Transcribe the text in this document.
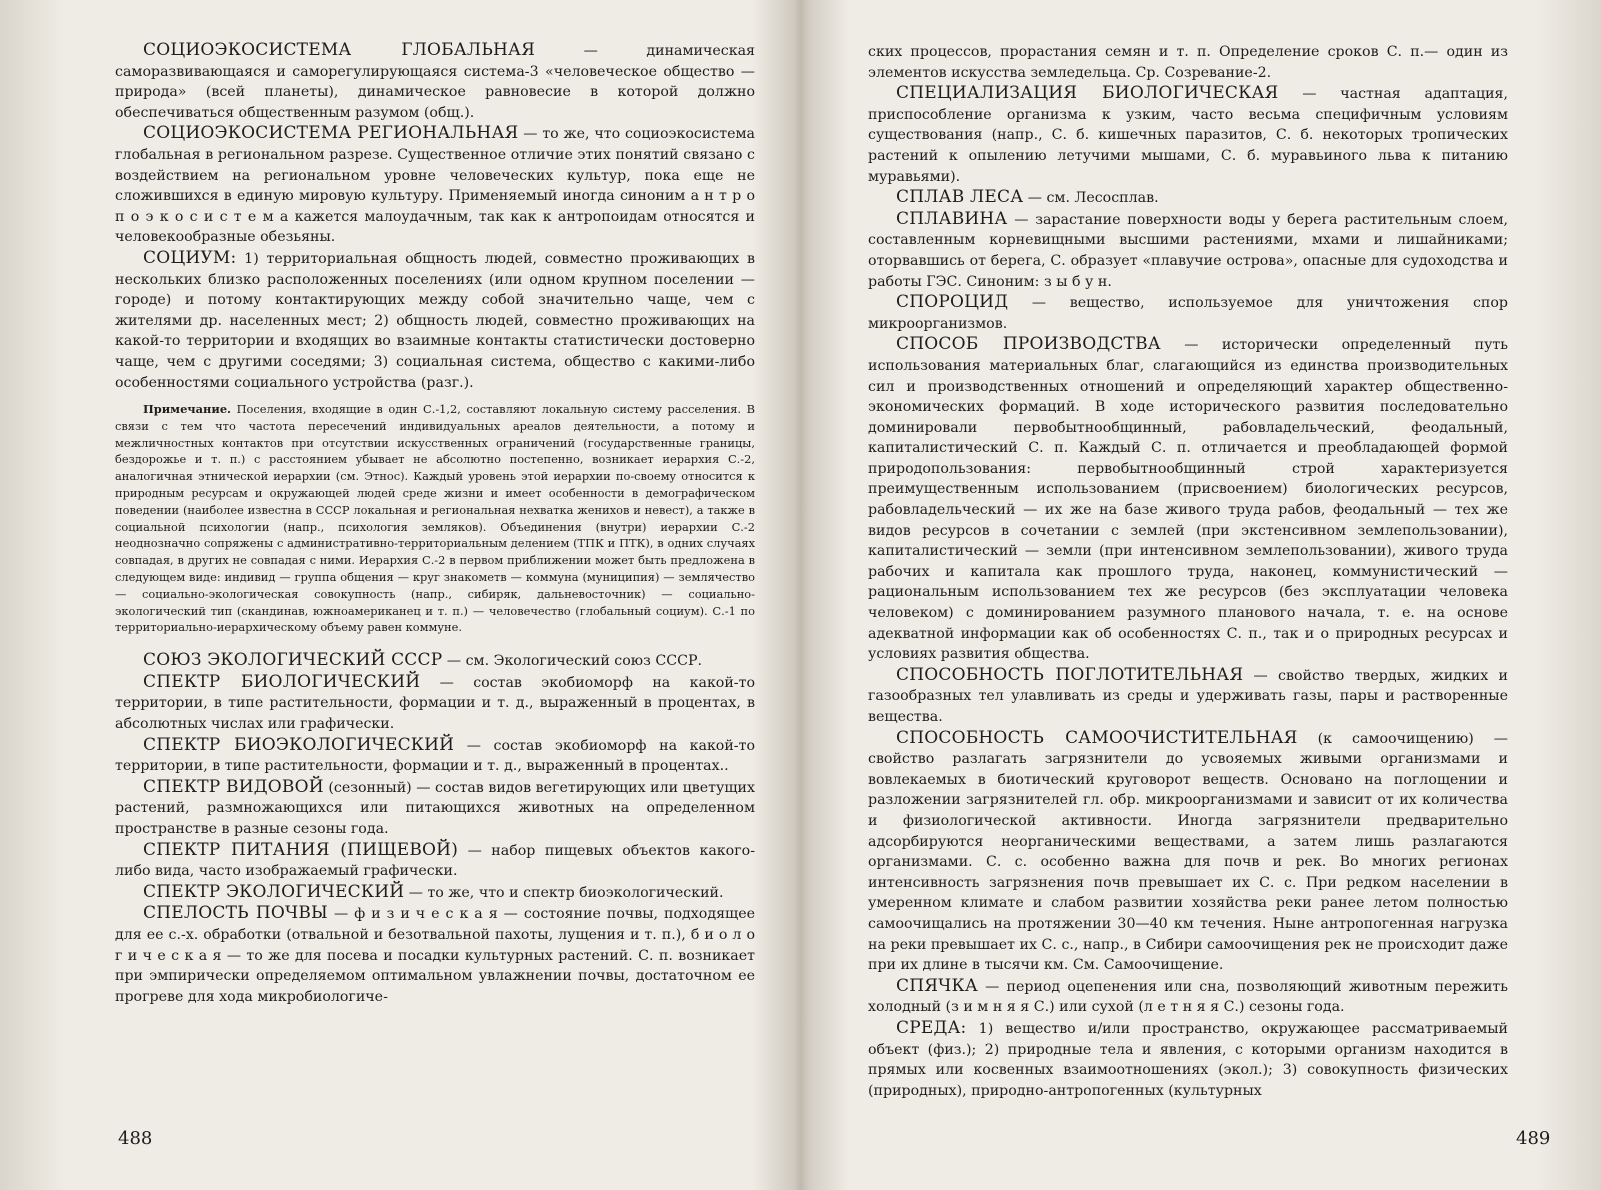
СОЦИОЭКОСИСТЕМА ГЛОБАЛЬНАЯ — динамическая саморазвивающаяся и саморегулирующаяся система-3 «человеческое общество — природа» (всей планеты), динамическое равновесие в которой должно обеспечиваться общественным разумом (общ.).

СОЦИОЭКОСИСТЕМА РЕГИОНАЛЬНАЯ — то же, что социоэкосистема глобальная в региональном разрезе. Существенное отличие этих понятий связано с воздействием на региональном уровне человеческих культур, пока еще не сложившихся в единую мировую культуру. Применяемый иногда синоним а н т р о п о э к о с и с т е м а кажется малоудачным, так как к антропоидам относятся и человекообразные обезьяны.

СОЦИУМ: 1) территориальная общность людей, совместно проживающих в нескольких близко расположенных поселениях (или одном крупном поселении — городе) и потому контактирующих между собой значительно чаще, чем с жителями др. населенных мест; 2) общность людей, совместно проживающих на какой-то территории и входящих во взаимные контакты статистически достоверно чаще, чем с другими соседями; 3) социальная система, общество с какими-либо особенностями социального устройства (разг.).

Примечание. Поселения, входящие в один С.-1,2, составляют локальную систему расселения. В связи с тем что частота пересечений индивидуальных ареалов деятельности, а потому и межличностных контактов при отсутствии искусственных ограничений (государственные границы, бездорожье и т. п.) с расстоянием убывает не абсолютно постепенно, возникает иерархия С.-2, аналогичная этнической иерархии (см. Этнос). Каждый уровень этой иерархии по-своему относится к природным ресурсам и окружающей людей среде жизни и имеет особенности в демографическом поведении (наиболее известна в СССР локальная и региональная нехватка женихов и невест), а также в социальной психологии (напр., психология земляков). Объединения (внутри) иерархии С.-2 неоднозначно сопряжены с административно-территориальным делением (ТПК и ПТК), в одних случаях совпадая, в других не совпадая с ними. Иерархия С.-2 в первом приближении может быть предложена в следующем виде: индивид — группа общения — круг знакометв — коммуна (муниципия) — землячество — социально-экологическая совокупность (напр., сибиряк, дальневосточник) — социально-экологический тип (скандинав, южноамериканец и т. п.) — человечество (глобальный социум). С.-1 по территориально-иерархическому объему равен коммуне.

СОЮЗ ЭКОЛОГИЧЕСКИЙ СССР — см. Экологический союз СССР.

СПЕКТР БИОЛОГИЧЕСКИЙ — состав экобиоморф на какой-то территории, в типе растительности, формации и т. д., выраженный в процентах, в абсолютных числах или графически.

СПЕКТР БИОЭКОЛОГИЧЕСКИЙ — состав экобиоморф на какой-то территории, в типе растительности, формации и т. д., выраженный в процентах..

СПЕКТР ВИДОВОЙ (сезонный) — состав видов вегетирующих или цветущих растений, размножающихся или питающихся животных на определенном пространстве в разные сезоны года.

СПЕКТР ПИТАНИЯ (ПИЩЕВОЙ) — набор пищевых объектов какого-либо вида, часто изображаемый графически.

СПЕКТР ЭКОЛОГИЧЕСКИЙ — то же, что и спектр биоэкологический.

СПЕЛОСТЬ ПОЧВЫ — ф и з и ч е с к а я — состояние почвы, подходящее для ее с.-х. обработки (отвальной и безотвальной пахоты, лущения и т. п.), б и о л о г и ч е с к а я — то же для посева и посадки культурных растений. С. п. возникает при эмпирически определяемом оптимальном увлажнении почвы, достаточном ее прогреве для хода микробиологиче-

488

ских процессов, прорастания семян и т. п. Определение сроков С. п.— один из элементов искусства земледельца. Ср. Созревание-2.

СПЕЦИАЛИЗАЦИЯ БИОЛОГИЧЕСКАЯ — частная адаптация, приспособление организма к узким, часто весьма специфичным условиям существования (напр., С. б. кишечных паразитов, С. б. некоторых тропических растений к опылению летучими мышами, С. б. муравьиного льва к питанию муравьями).

СПЛАВ ЛЕСА — см. Лесосплав.

СПЛАВИНА — зарастание поверхности воды у берега растительным слоем, составленным корневищными высшими растениями, мхами и лишайниками; оторвавшись от берега, С. образует «плавучие острова», опасные для судоходства и работы ГЭС. Синоним: з ы б у н.

СПОРОЦИД — вещество, используемое для уничтожения спор микроорганизмов.

СПОСОБ ПРОИЗВОДСТВА — исторически определенный путь использования материальных благ, слагающийся из единства производительных сил и производственных отношений и определяющий характер общественно-экономических формаций. В ходе исторического развития последовательно доминировали первобытнообщинный, рабовладельческий, феодальный, капиталистический С. п. Каждый С. п. отличается и преобладающей формой природопользования: первобытнообщинный строй характеризуется преимущественным использованием (присвоением) биологических ресурсов, рабовладельческий — их же на базе живого труда рабов, феодальный — тех же видов ресурсов в сочетании с землей (при экстенсивном землепользовании), капиталистический — земли (при интенсивном землепользовании), живого труда рабочих и капитала как прошлого труда, наконец, коммунистический — рациональным использованием тех же ресурсов (без эксплуатации человека человеком) с доминированием разумного планового начала, т. е. на основе адекватной информации как об особенностях С. п., так и о природных ресурсах и условиях развития общества.

СПОСОБНОСТЬ ПОГЛОТИТЕЛЬНАЯ — свойство твердых, жидких и газообразных тел улавливать из среды и удерживать газы, пары и растворенные вещества.

СПОСОБНОСТЬ САМООЧИСТИТЕЛЬНАЯ (к самоочищению) — свойство разлагать загрязнители до усвояемых живыми организмами и вовлекаемых в биотический круговорот веществ. Основано на поглощении и разложении загрязнителей гл. обр. микроорганизмами и зависит от их количества и физиологической активности. Иногда загрязнители предварительно адсорбируются неорганическими веществами, а затем лишь разлагаются организмами. С. с. особенно важна для почв и рек. Во многих регионах интенсивность загрязнения почв превышает их С. с. При редком населении в умеренном климате и слабом развитии хозяйства реки ранее летом полностью самоочищались на протяжении 30—40 км течения. Ныне антропогенная нагрузка на реки превышает их С. с., напр., в Сибири самоочищения рек не происходит даже при их длине в тысячи км. См. Самоочищение.

СПЯЧКА — период оцепенения или сна, позволяющий животным пережить холодный (з и м н я я С.) или сухой (л е т н я я С.) сезоны года.

СРЕДА: 1) вещество и/или пространство, окружающее рассматриваемый объект (физ.); 2) природные тела и явления, с которыми организм находится в прямых или косвенных взаимоотношениях (экол.); 3) совокупность физических (природных), природно-антропогенных (культурных

489
